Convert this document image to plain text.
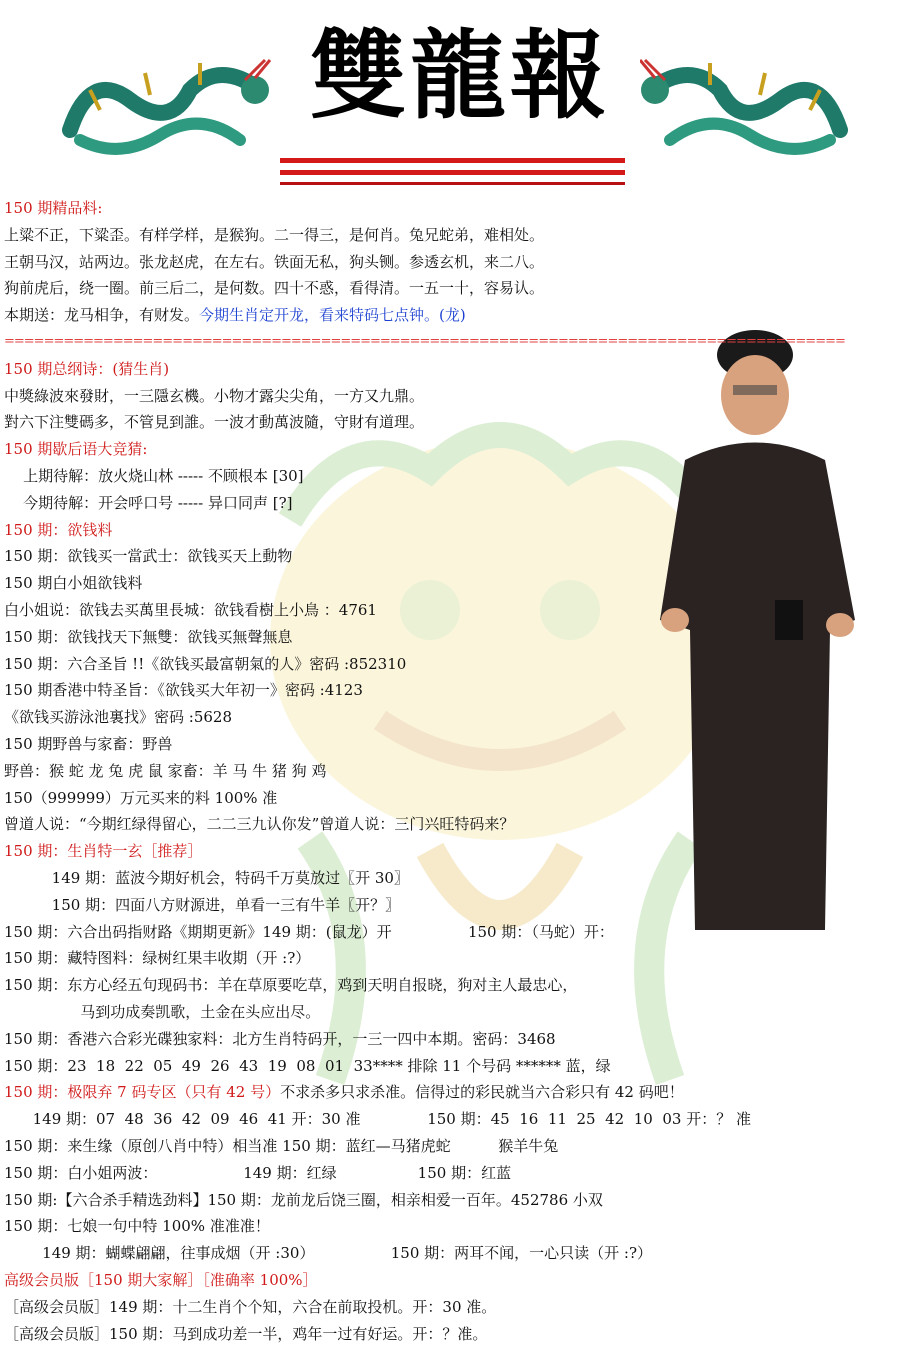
雙龍報
150 期精品料:
上粱不正，下粱歪。有样学样，是猴狗。二一得三，是何肖。兔兄蛇弟，难相处。
王朝马汉，站两边。张龙赵虎，在左右。铁面无私，狗头铡。参透玄机，来二八。
狗前虎后，绕一圈。前三后二，是何数。四十不惑，看得清。一五一十，容易认。
本期送：龙马相争，有财发。今期生肖定开龙，看来特码七点钟。(龙)
=====================================================================================
150 期总纲诗：(猜生肖)
中獎綠波來發財，一三隱玄機。小物才露尖尖角，一方又九鼎。
對六下注雙碼多，不管見到誰。一波才動萬波隨，守財有道理。
150 期歇后语大竞猜:
上期待解：放火烧山林 ----- 不顾根本 [30]
今期待解：开会呼口号 ----- 异口同声 [?]
150 期：欲钱料
150 期：欲钱买一當武士：欲钱买天上動物
150 期白小姐欲钱料
白小姐说：欲钱去买萬里長城：欲钱看樹上小鳥 ：4761
150 期：欲钱找天下無雙：欲钱买無聲無息
150 期：六合圣旨 !!《欲钱买最富朝氣的人》密码 :852310
150 期香港中特圣旨：《欲钱买大年初一》密码 :4123
《欲钱买游泳池裏找》密码 :5628
150 期野兽与家畜：野兽
野兽：猴 蛇 龙 兔 虎 鼠 家畜：羊 马 牛 猪 狗 鸡
150（999999）万元买来的料 100% 准
曾道人说：“今期红绿得留心，二二三九认你发”曾道人说：三门兴旺特码来？
150 期：生肖特一玄［推荐］
149 期：蓝波今期好机会，特码千万莫放过〖开 30〗
150 期：四面八方财源进，单看一三有牛羊〖开？〗
150 期：六合出码指财路《期期更新》149 期：(鼠龙）开                150 期：（马蛇）开：
150 期：藏特图料：绿树红果丰收期（开 :?）
150 期：东方心经五句现码书：羊在草原要吃草，鸡到天明自报晓，狗对主人最忠心，
马到功成奏凯歌，土金在头应出尽。
150 期：香港六合彩光碟独家料：北方生肖特码开，一三一四中本期。密码：3468
150 期：23  18  22  05  49  26  43  19  08  01  33**** 排除 11 个号码 ****** 蓝，绿
150 期：极限弃 7 码专区（只有 42 号）不求杀多只求杀准。信得过的彩民就当六合彩只有 42 码吧！
149 期：07  48  36  42  09  46  41 开：30 准              150 期：45  16  11  25  42  10  03 开：？ 准
150 期：来生缘（原创八肖中特）相当准 150 期：蓝红—马猪虎蛇          猴羊牛兔
150 期：白小姐两波：                  149 期：红绿                 150 期：红蓝
150 期:【六合杀手精选劲料】150 期：龙前龙后饶三圈，相亲相爱一百年。452786 小双
150 期：七娘一句中特 100% 准准准！
149 期：蝴蝶翩翩，往事成烟（开 :30）                150 期：两耳不闻，一心只读（开 :?）
高级会员版［150 期大家解］［准确率 100%］
［高级会员版］149 期：十二生肖个个知，六合在前取投机。开：30 准。
［高级会员版］150 期：马到成功差一半，鸡年一过有好运。开：？准。
